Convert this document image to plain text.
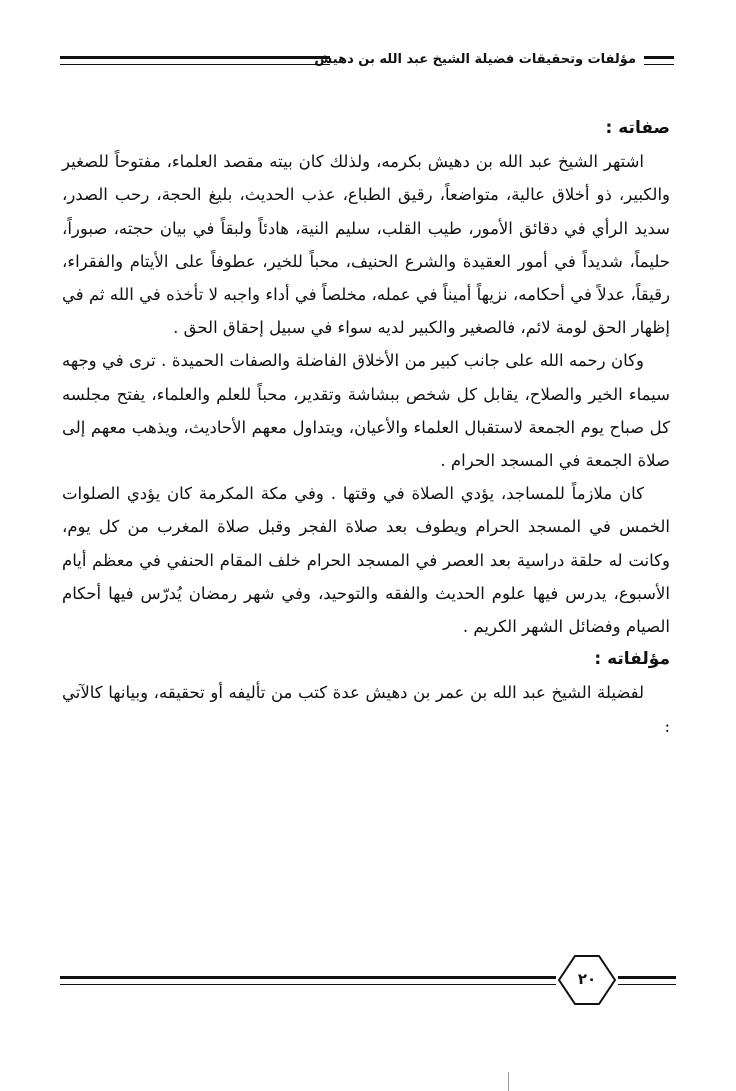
مؤلفات وتحقيقات فضيلة الشيخ عبد الله بن دهيش

صفاته :

اشتهر الشيخ عبد الله بن دهيش بكرمه، ولذلك كان بيته مقصد العلماء، مفتوحاً للصغير والكبير، ذو أخلاق عالية، متواضعاً، رقيق الطباع، عذب الحديث، بليغ الحجة، رحب الصدر، سديد الرأي في دقائق الأمور، طيب القلب، سليم النية، هادئاً ولبقاً في بيان حجته، صبوراً، حليماً، شديداً في أمور العقيدة والشرع الحنيف، محباً للخير، عطوفاً على الأيتام والفقراء، رقيقاً، عدلاً في أحكامه، نزيهاً أميناً في عمله، مخلصاً في أداء واجبه لا تأخذه في الله ثم في إظهار الحق لومة لائم، فالصغير والكبير لديه سواء في سبيل إحقاق الحق .

وكان رحمه الله على جانب كبير من الأخلاق الفاضلة والصفات الحميدة . ترى في وجهه سيماء الخير والصلاح، يقابل كل شخص ببشاشة وتقدير، محباً للعلم والعلماء، يفتح مجلسه كل صباح يوم الجمعة لاستقبال العلماء والأعيان، ويتداول معهم الأحاديث، ويذهب معهم إلى صلاة الجمعة في المسجد الحرام .

كان ملازماً للمساجد، يؤدي الصلاة في وقتها . وفي مكة المكرمة كان يؤدي الصلوات الخمس في المسجد الحرام ويطوف بعد صلاة الفجر وقبل صلاة المغرب من كل يوم، وكانت له حلقة دراسية بعد العصر في المسجد الحرام خلف المقام الحنفي في معظم أيام الأسبوع، يدرس فيها علوم الحديث والفقه والتوحيد، وفي شهر رمضان يُدرّس فيها أحكام الصيام وفضائل الشهر الكريم .

مؤلفاته :

لفضيلة الشيخ عبد الله بن عمر بن دهيش عدة كتب من تأليفه أو تحقيقه، وبيانها كالآتي :

٢٠
